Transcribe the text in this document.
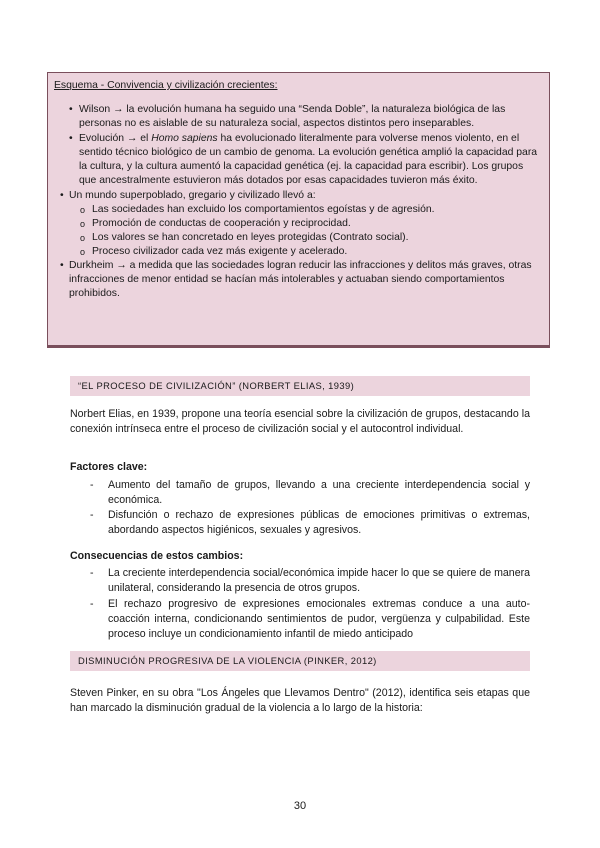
Esquema - Convivencia y civilización crecientes:
• Wilson → la evolución humana ha seguido una “Senda Doble”, la naturaleza biológica de las personas no es aislable de su naturaleza social, aspectos distintos pero inseparables.
• Evolución → el Homo sapiens ha evolucionado literalmente para volverse menos violento, en el sentido técnico biológico de un cambio de genoma. La evolución genética amplió la capacidad para la cultura, y la cultura aumentó la capacidad genética (ej. la capacidad para escribir). Los grupos que ancestralmente estuvieron más dotados por esas capacidades tuvieron más éxito.
• Un mundo superpoblado, gregario y civilizado llevó a:
o Las sociedades han excluido los comportamientos egoístas y de agresión.
o Promoción de conductas de cooperación y reciprocidad.
o Los valores se han concretado en leyes protegidas (Contrato social).
o Proceso civilizador cada vez más exigente y acelerado.
• Durkheim → a medida que las sociedades logran reducir las infracciones y delitos más graves, otras infracciones de menor entidad se hacían más intolerables y actuaban siendo comportamientos prohibidos.
“EL PROCESO DE CIVILIZACIÓN” (NORBERT ELIAS, 1939)
Norbert Elias, en 1939, propone una teoría esencial sobre la civilización de grupos, destacando la conexión intrínseca entre el proceso de civilización social y el autocontrol individual.
Factores clave:
- Aumento del tamaño de grupos, llevando a una creciente interdependencia social y económica.
- Disfunción o rechazo de expresiones públicas de emociones primitivas o extremas, abordando aspectos higiénicos, sexuales y agresivos.
Consecuencias de estos cambios:
- La creciente interdependencia social/económica impide hacer lo que se quiere de manera unilateral, considerando la presencia de otros grupos.
- El rechazo progresivo de expresiones emocionales extremas conduce a una auto-coacción interna, condicionando sentimientos de pudor, vergüenza y culpabilidad. Este proceso incluye un condicionamiento infantil de miedo anticipado
DISMINUCIÓN PROGRESIVA DE LA VIOLENCIA (PINKER, 2012)
Steven Pinker, en su obra "Los Ángeles que Llevamos Dentro" (2012), identifica seis etapas que han marcado la disminución gradual de la violencia a lo largo de la historia:
30
